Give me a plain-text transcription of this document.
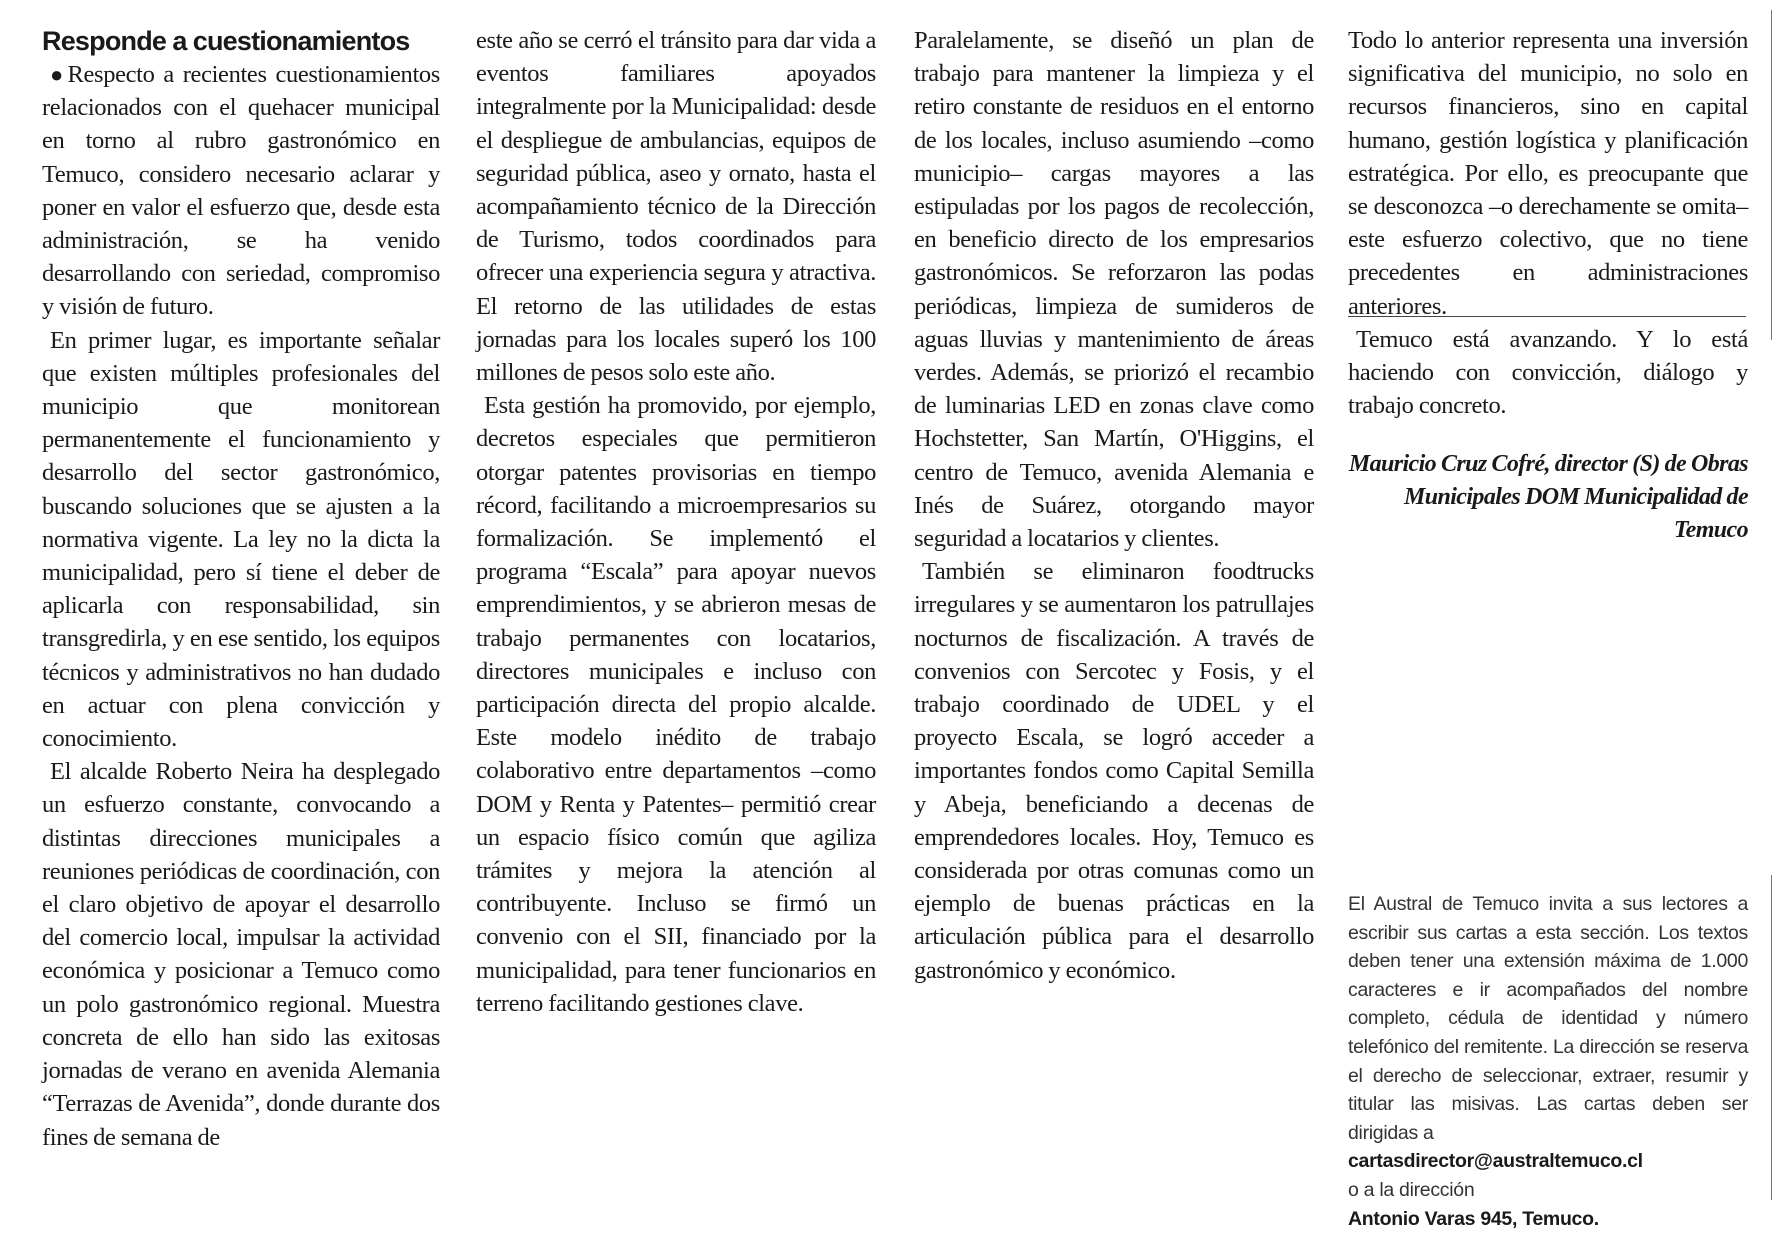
Responde a cuestionamientos

●Respecto a recientes cuestionamientos relacionados con el quehacer municipal en torno al rubro gastronómico en Temuco, considero necesario aclarar y poner en valor el esfuerzo que, desde esta administración, se ha venido desarrollando con seriedad, compromiso y visión de futuro.

En primer lugar, es importante señalar que existen múltiples profesionales del municipio que monitorean permanentemente el funcionamiento y desarrollo del sector gastronómico, buscando soluciones que se ajusten a la normativa vigente. La ley no la dicta la municipalidad, pero sí tiene el deber de aplicarla con responsabilidad, sin transgredirla, y en ese sentido, los equipos técnicos y administrativos no han dudado en actuar con plena convicción y conocimiento.

El alcalde Roberto Neira ha desplegado un esfuerzo constante, convocando a distintas direcciones municipales a reuniones periódicas de coordinación, con el claro objetivo de apoyar el desarrollo del comercio local, impulsar la actividad económica y posicionar a Temuco como un polo gastronómico regional. Muestra concreta de ello han sido las exitosas jornadas de verano en avenida Alemania “Terrazas de Avenida”, donde durante dos fines de semana de

este año se cerró el tránsito para dar vida a eventos familiares apoyados integralmente por la Municipalidad: desde el despliegue de ambulancias, equipos de seguridad pública, aseo y ornato, hasta el acompañamiento técnico de la Dirección de Turismo, todos coordinados para ofrecer una experiencia segura y atractiva. El retorno de las utilidades de estas jornadas para los locales superó los 100 millones de pesos solo este año.

Esta gestión ha promovido, por ejemplo, decretos especiales que permitieron otorgar patentes provisorias en tiempo récord, facilitando a microempresarios su formalización. Se implementó el programa “Escala” para apoyar nuevos emprendimientos, y se abrieron mesas de trabajo permanentes con locatarios, directores municipales e incluso con participación directa del propio alcalde. Este modelo inédito de trabajo colaborativo entre departamentos –como DOM y Renta y Patentes– permitió crear un espacio físico común que agiliza trámites y mejora la atención al contribuyente. Incluso se firmó un convenio con el SII, financiado por la municipalidad, para tener funcionarios en terreno facilitando gestiones clave.

Paralelamente, se diseñó un plan de trabajo para mantener la limpieza y el retiro constante de residuos en el entorno de los locales, incluso asumiendo –como municipio– cargas mayores a las estipuladas por los pagos de recolección, en beneficio directo de los empresarios gastronómicos. Se reforzaron las podas periódicas, limpieza de sumideros de aguas lluvias y mantenimiento de áreas verdes. Además, se priorizó el recambio de luminarias LED en zonas clave como Hochstetter, San Martín, O'Higgins, el centro de Temuco, avenida Alemania e Inés de Suárez, otorgando mayor seguridad a locatarios y clientes.

También se eliminaron foodtrucks irregulares y se aumentaron los patrullajes nocturnos de fiscalización. A través de convenios con Sercotec y Fosis, y el trabajo coordinado de UDEL y el proyecto Escala, se logró acceder a importantes fondos como Capital Semilla y Abeja, beneficiando a decenas de emprendedores locales. Hoy, Temuco es considerada por otras comunas como un ejemplo de buenas prácticas en la articulación pública para el desarrollo gastronómico y económico.

Todo lo anterior representa una inversión significativa del municipio, no solo en recursos financieros, sino en capital humano, gestión logística y planificación estratégica. Por ello, es preocupante que se desconozca –o derechamente se omita– este esfuerzo colectivo, que no tiene precedentes en administraciones anteriores.

Temuco está avanzando. Y lo está haciendo con convicción, diálogo y trabajo concreto.

Mauricio Cruz Cofré, director (S) de Obras Municipales DOM Municipalidad de Temuco

El Austral de Temuco invita a sus lectores a escribir sus cartas a esta sección. Los textos deben tener una extensión máxima de 1.000 caracteres e ir acompañados del nombre completo, cédula de identidad y número telefónico del remitente. La dirección se reserva el derecho de seleccionar, extraer, resumir y titular las misivas. Las cartas deben ser dirigidas a

cartasdirector@australtemuco.cl

o a la dirección

Antonio Varas 945, Temuco.
